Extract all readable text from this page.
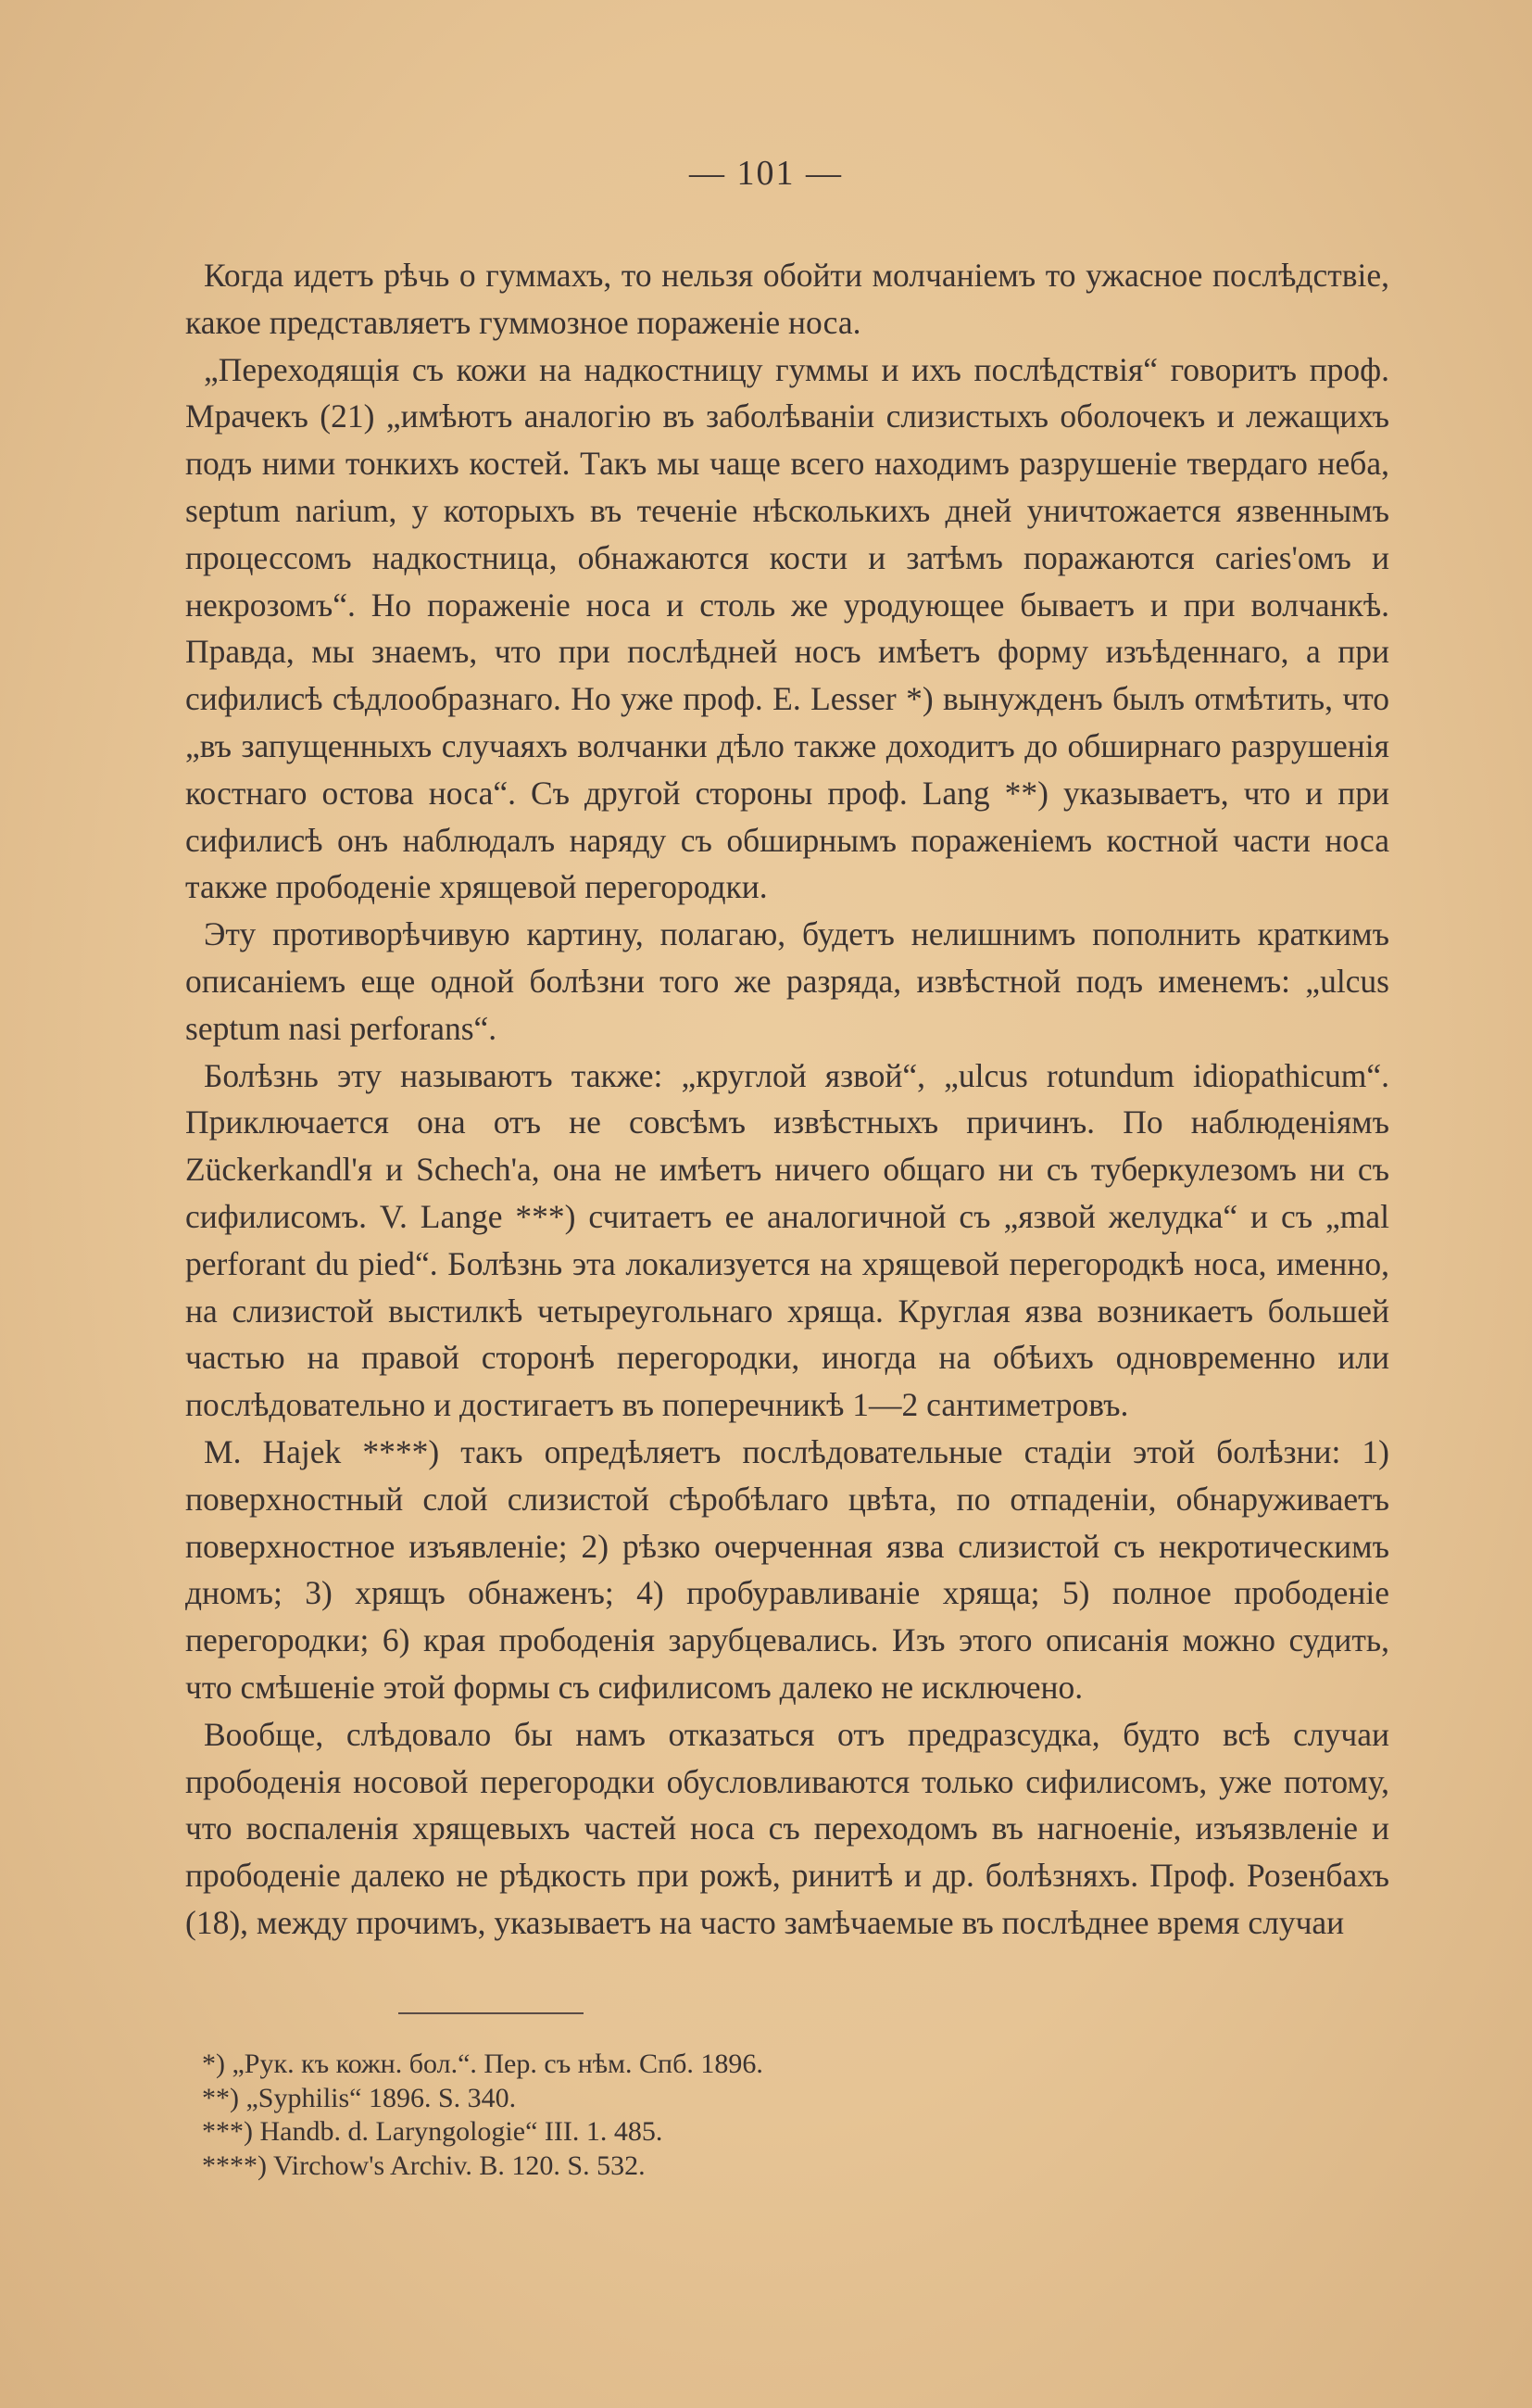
— 101 —

Когда идетъ рѣчь о гуммахъ, то нельзя обойти молчаніемъ то ужасное послѣдствіе, какое представляетъ гуммозное пораженіе носа.

„Переходящія съ кожи на надкостницу гуммы и ихъ послѣдствія“ говоритъ проф. Мрачекъ (21) „имѣютъ аналогію въ заболѣваніи слизистыхъ оболочекъ и лежащихъ подъ ними тонкихъ костей. Такъ мы чаще всего находимъ разрушеніе твердаго неба, septum narium, у которыхъ въ теченіе нѣсколькихъ дней уничтожается язвеннымъ процессомъ надкостница, обнажаются кости и затѣмъ поражаются caries'омъ и некрозомъ“. Но пораженіе носа и столь же уродующее бываетъ и при волчанкѣ. Правда, мы знаемъ, что при послѣдней носъ имѣетъ форму изъѣденнаго, а при сифилисѣ сѣдлообразнаго. Но уже проф. E. Lesser *) вынужденъ былъ отмѣтить, что „въ запущенныхъ случаяхъ волчанки дѣло также доходитъ до обширнаго разрушенія костнаго остова носа“. Съ другой стороны проф. Lang **) указываетъ, что и при сифилисѣ онъ наблюдалъ наряду съ обширнымъ пораженіемъ костной части носа также прободеніе хрящевой перегородки.

Эту противорѣчивую картину, полагаю, будетъ нелишнимъ пополнить краткимъ описаніемъ еще одной болѣзни того же разряда, извѣстной подъ именемъ: „ulcus septum nasi perforans“.

Болѣзнь эту называютъ также: „круглой язвой“, „ulcus rotundum idiopathicum“. Приключается она отъ не совсѣмъ извѣстныхъ причинъ. По наблюденіямъ Zückerkandl'я и Schech'а, она не имѣетъ ничего общаго ни съ туберкулезомъ ни съ сифилисомъ. V. Lange ***) считаетъ ее аналогичной съ „язвой желудка“ и съ „mal perforant du pied“. Болѣзнь эта локализуется на хрящевой перегородкѣ носа, именно, на слизистой выстилкѣ четыреугольнаго хряща. Круглая язва возникаетъ большей частью на правой сторонѣ перегородки, иногда на обѣихъ одновременно или послѣдовательно и достигаетъ въ поперечникѣ 1—2 сантиметровъ.

M. Hajek ****) такъ опредѣляетъ послѣдовательные стадіи этой болѣзни: 1) поверхностный слой слизистой сѣробѣлаго цвѣта, по отпаденіи, обнаруживаетъ поверхностное изъявленіе; 2) рѣзко очерченная язва слизистой съ некротическимъ дномъ; 3) хрящъ обнаженъ; 4) пробуравливаніе хряща; 5) полное прободеніе перегородки; 6) края прободенія зарубцевались. Изъ этого описанія можно судить, что смѣшеніе этой формы съ сифилисомъ далеко не исключено.

Вообще, слѣдовало бы намъ отказаться отъ предразсудка, будто всѣ случаи прободенія носовой перегородки обусловливаются только сифилисомъ, уже потому, что воспаленія хрящевыхъ частей носа съ переходомъ въ нагноеніе, изъязвленіе и прободеніе далеко не рѣдкость при рожѣ, ринитѣ и др. болѣзняхъ. Проф. Розенбахъ (18), между прочимъ, указываетъ на часто замѣчаемые въ послѣднее время случаи

*) „Рук. къ кожн. бол.“. Пер. съ нѣм. Спб. 1896.
**) „Syphilis“ 1896. S. 340.
***) Handb. d. Laryngologie“ III. 1. 485.
****) Virchow's Archiv. B. 120. S. 532.
